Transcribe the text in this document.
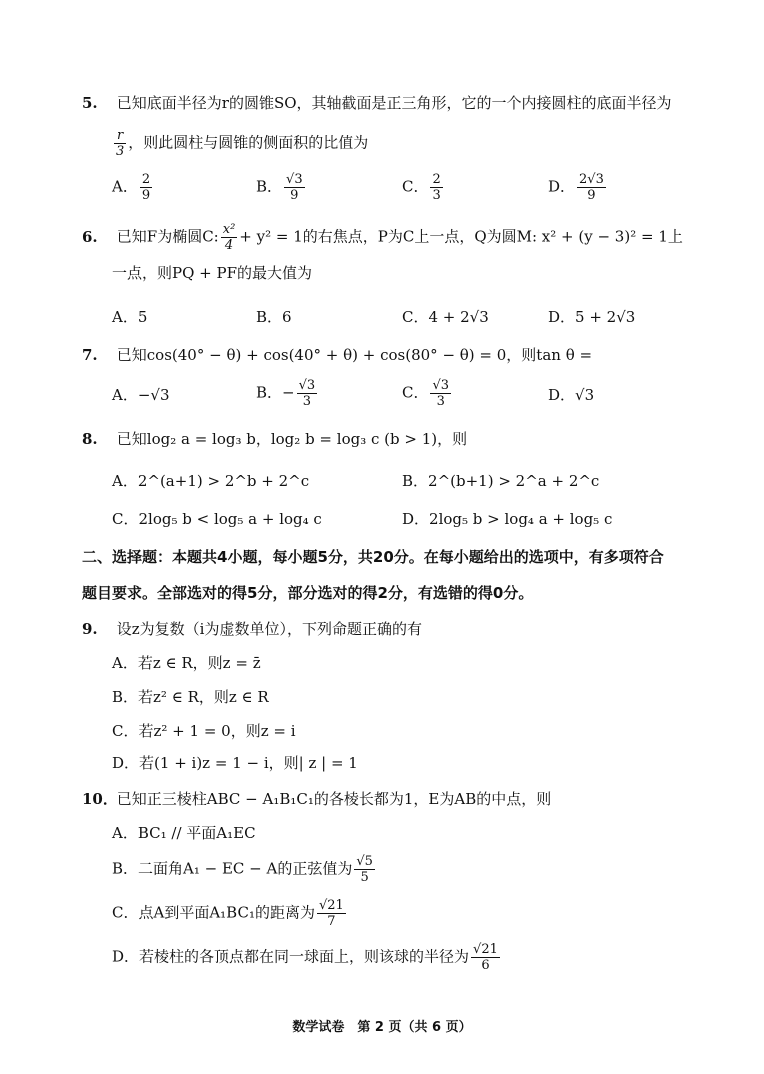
5. 已知底面半径为r的圆锥SO，其轴截面是正三角形，它的一个内接圆柱的底面半径为
$\frac{r}{3}$ ，则此圆柱与圆锥的侧面积的比值为
A． $\frac{2}{9}$	B． $\frac{√3}{9}$	C． $\frac{2}{3}$	D． $\frac{2√3}{9}$
6. 已知F为椭圆C: $\frac{\text{x²}}{4} + y^2 = 1$的右焦点，P为C上一点，Q为圆M: x² + (y − 3)² = 1上
一点，则PQ + PF的最大值为
A．5	B．6	C．4 + 2√3	D．5 + 2√3
7. 已知cos(40° − θ) + cos(40° + θ) + cos(80° − θ) = 0，则tan θ =
A．−√3	B．− $\frac{√3}{3}$	C． $\frac{√3}{3}$	D．√3
8. 已知log₂ a = log₃ b，log₂ b = log₃ c (b > 1)，则
A．2^(a+1) > 2^b + 2^c	B．2^(b+1) > 2^a + 2^c
C．2log₅ b < log₅ a + log₄ c	D．2log₅ b > log₄ a + log₅ c
二、选择题：本题共4小题，每小题5分，共20分。在每小题给出的选项中，有多项符合
题目要求。全部选对的得5分，部分选对的得2分，有选错的得0分。
9. 设z为复数（i为虚数单位），下列命题正确的有
A．若z ∈ R，则z = z̄
B．若z² ∈ R，则z ∈ R
C．若z² + 1 = 0，则z = i
D．若(1 + i)z = 1 − i，则| z | = 1
10． 已知正三棱柱ABC − A₁B₁C₁的各棱长都为1，E为AB的中点，则
A．BC₁ // 平面A₁EC
B．二面角A₁ − EC − A的正弦值为 $\frac{√5}{5}$
C．点A到平面A₁BC₁的距离为 $\frac{√21}{7}$
D．若棱柱的各顶点都在同一球面上，则该球的半径为 $\frac{√21}{6}$
数学试卷　第 2 页（共 6 页）
